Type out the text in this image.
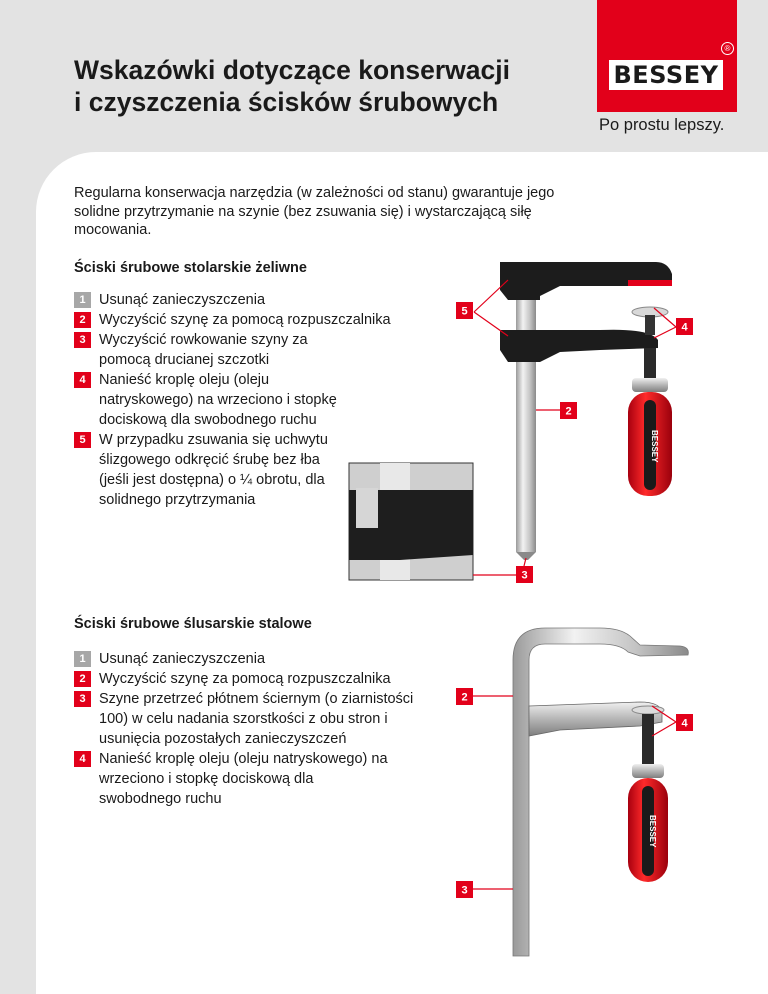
Wskazówki dotyczące konserwacji
i czyszczenia ścisków śrubowych
®
BESSEY
Po prostu lepszy.

Regularna konserwacja narzędzia (w zależności od stanu) gwarantuje jego solidne przytrzymanie na szynie (bez zsuwania się) i wystarczającą siłę mocowania.

Ściski śrubowe stolarskie żeliwne
1 Usunąć zanieczyszczenia
2 Wyczyścić szynę za pomocą rozpuszczalnika
3 Wyczyścić rowkowanie szyny za pomocą drucianej szczotki
4 Nanieść kroplę oleju (oleju natryskowego) na wrzeciono i stopkę dociskową dla swobodnego ruchu
5 W przypadku zsuwania się uchwytu ślizgowego odkręcić śrubę bez łba (jeśli jest dostępna) o ¼ obrotu, dla solidnego przytrzymania
Ściski śrubowe ślusarskie stalowe
1 Usunąć zanieczyszczenia
2 Wyczyścić szynę za pomocą rozpuszczalnika
3 Szyne przetrzeć płótnem ściernym (o ziarnistości 100) w celu nadania szorstkości z obu stron i usunięcia pozostałych zanieczyszczeń
4 Nanieść kroplę oleju (oleju natryskowego) na wrzeciono i stopkę dociskową dla swobodnego ruchu
BESSEY
5
4
2
3
BESSEY
2
4
3
